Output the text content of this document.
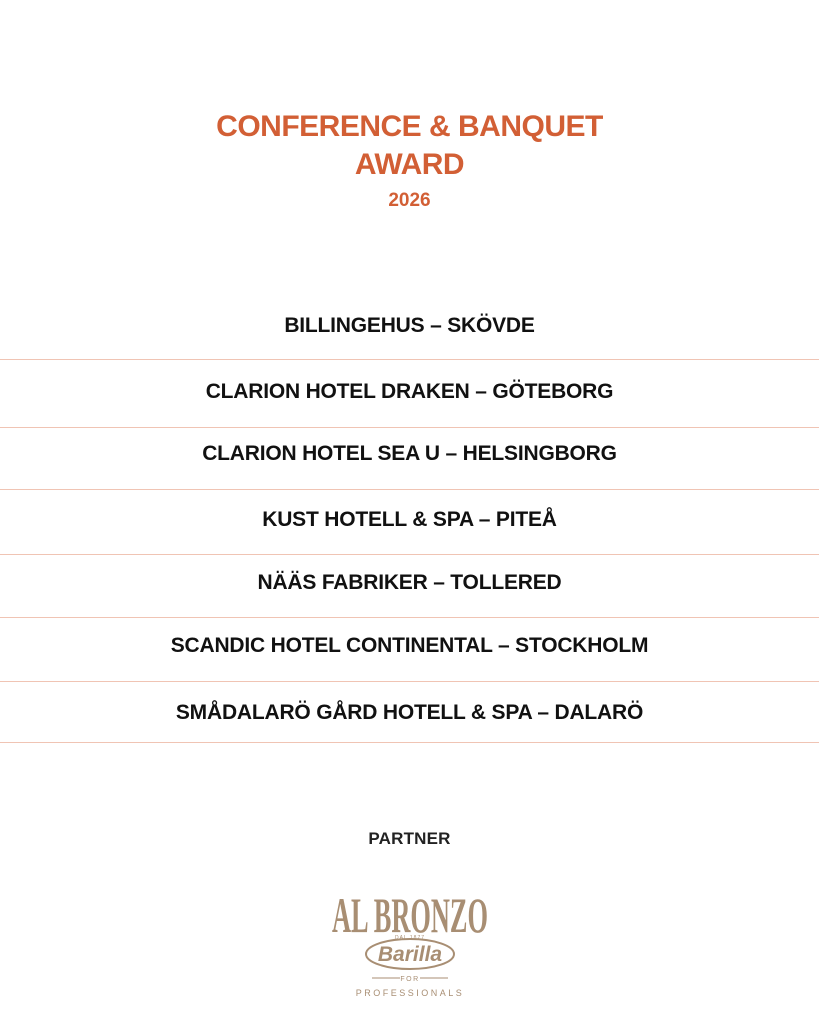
CONFERENCE & BANQUET
AWARD
2026
BILLINGEHUS – SKÖVDE
CLARION HOTEL DRAKEN – GÖTEBORG
CLARION HOTEL SEA U – HELSINGBORG
KUST HOTELL & SPA – PITEÅ
NÄÄS FABRIKER – TOLLERED
SCANDIC HOTEL CONTINENTAL – STOCKHOLM
SMÅDALARÖ GÅRD HOTELL & SPA – DALARÖ
PARTNER
AL BRONZO
DAL 1877
Barilla
FOR
PROFESSIONALS
